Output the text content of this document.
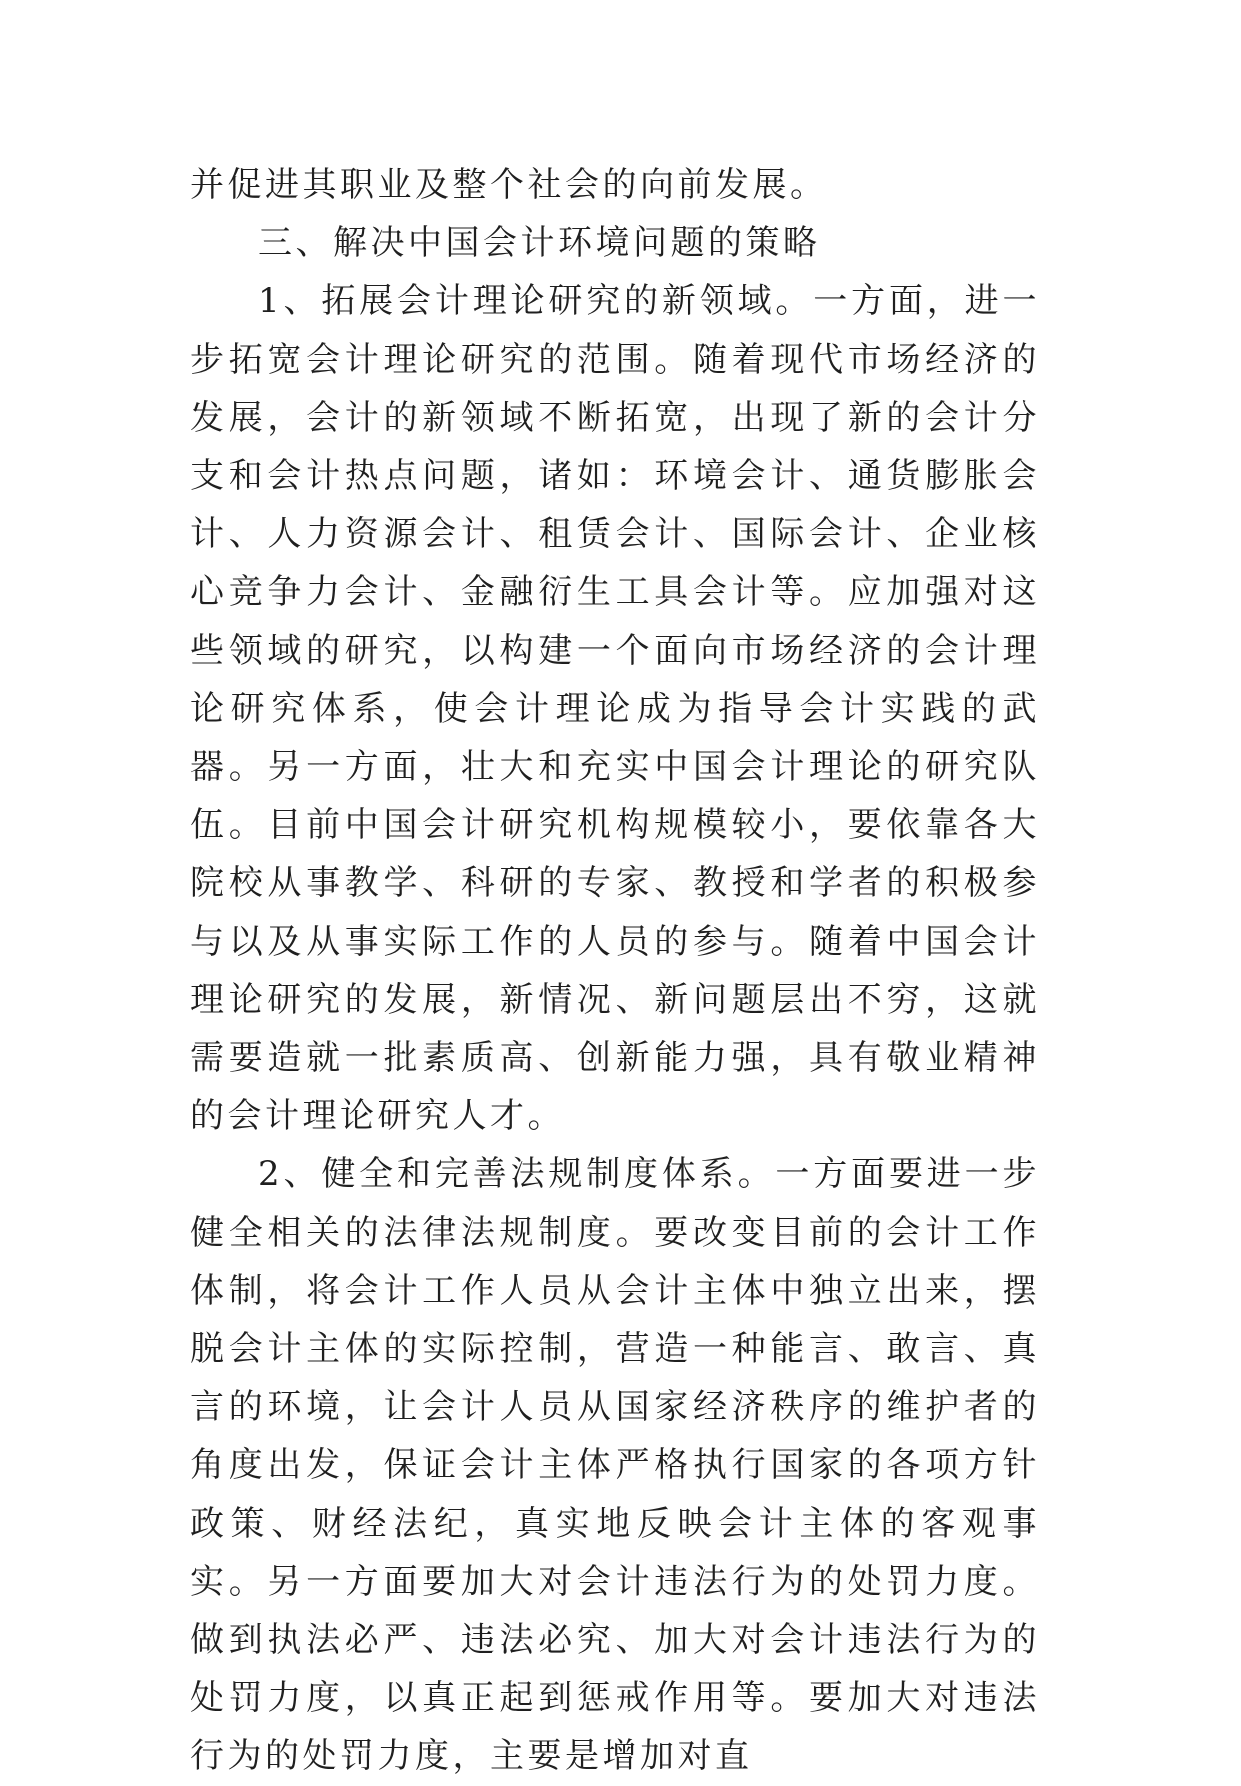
并促进其职业及整个社会的向前发展。

三、解决中国会计环境问题的策略

1、拓展会计理论研究的新领域。一方面，进一步拓宽会计理论研究的范围。随着现代市场经济的发展，会计的新领域不断拓宽，出现了新的会计分支和会计热点问题，诸如：环境会计、通货膨胀会计、人力资源会计、租赁会计、国际会计、企业核心竞争力会计、金融衍生工具会计等。应加强对这些领域的研究，以构建一个面向市场经济的会计理论研究体系，使会计理论成为指导会计实践的武器。另一方面，壮大和充实中国会计理论的研究队伍。目前中国会计研究机构规模较小，要依靠各大院校从事教学、科研的专家、教授和学者的积极参与以及从事实际工作的人员的参与。随着中国会计理论研究的发展，新情况、新问题层出不穷，这就需要造就一批素质高、创新能力强，具有敬业精神的会计理论研究人才。

2、健全和完善法规制度体系。一方面要进一步健全相关的法律法规制度。要改变目前的会计工作体制，将会计工作人员从会计主体中独立出来，摆脱会计主体的实际控制，营造一种能言、敢言、真言的环境，让会计人员从国家经济秩序的维护者的角度出发，保证会计主体严格执行国家的各项方针政策、财经法纪，真实地反映会计主体的客观事实。另一方面要加大对会计违法行为的处罚力度。做到执法必严、违法必究、加大对会计违法行为的处罚力度，以真正起到惩戒作用等。要加大对违法行为的处罚力度，主要是增加对直
